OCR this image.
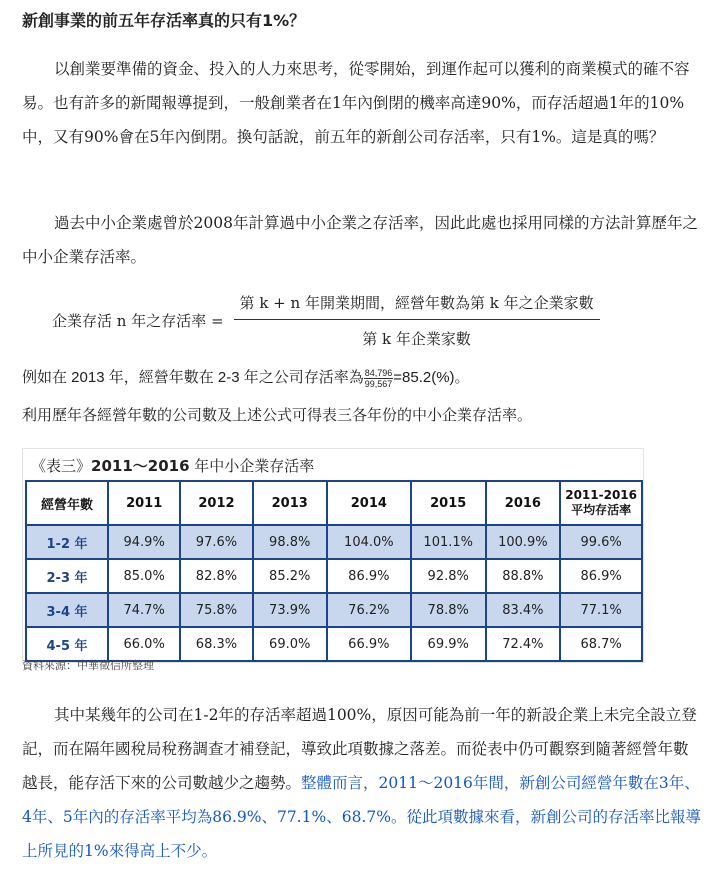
新創事業的前五年存活率真的只有1%？
以創業要準備的資金、投入的人力來思考，從零開始，到運作起可以獲利的商業模式的確不容易。也有許多的新聞報導提到，一般創業者在1年內倒閉的機率高達90%，而存活超過1年的10%中，又有90%會在5年內倒閉。換句話說，前五年的新創公司存活率，只有1%。這是真的嗎？
過去中小企業處曾於2008年計算過中小企業之存活率，因此此處也採用同樣的方法計算歷年之中小企業存活率。
企業存活 n 年之存活率 = $\frac{\text{第 k + n 年開業期間，經營年數為第 k 年之企業家數}}{\text{第 k 年企業家數}}$
例如在 2013 年，經營年數在 2-3 年之公司存活率為 $\frac{84,796}{99,567} =85.2(\%)$。
利用歷年各經營年數的公司數及上述公式可得表三各年份的中小企業存活率。
《表三》2011～2016 年中小企業存活率
經營年數	2011	2012	2013	2014	2015	2016	2011-2016
平均存活率

1-2 年	94.9%	97.6%	98.8%	104.0%	101.1%	100.9%	99.6%
2-3 年	85.0%	82.8%	85.2%	86.9%	92.8%	88.8%	86.9%
3-4 年	74.7%	75.8%	73.9%	76.2%	78.8%	83.4%	77.1%
4-5 年	66.0%	68.3%	69.0%	66.9%	69.9%	72.4%	68.7%
資料來源：中華徵信所整理
其中某幾年的公司在1-2年的存活率超過100%，原因可能為前一年的新設企業上未完全設立登記，而在隔年國稅局稅務調查才補登記，導致此項數據之落差。而從表中仍可觀察到隨著經營年數越長，能存活下來的公司數越少之趨勢。整體而言，2011～2016年間，新創公司經營年數在3年、4年、5年內的存活率平均為86.9%、77.1%、68.7%。從此項數據來看，新創公司的存活率比報導上所見的1%來得高上不少。
